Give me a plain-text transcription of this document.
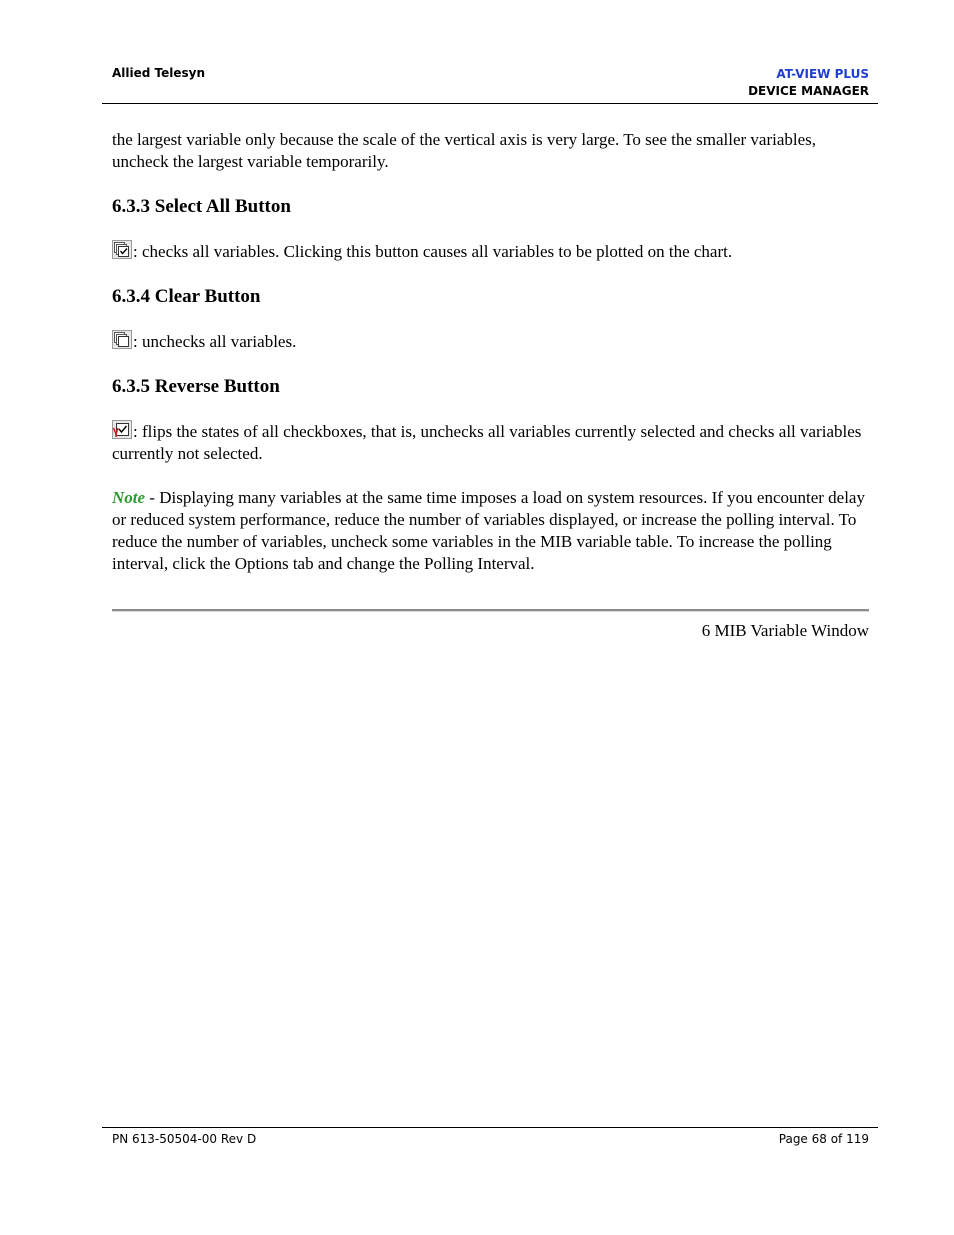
Allied Telesyn	AT-VIEW PLUS
DEVICE MANAGER

the largest variable only because the scale of the vertical axis is very large. To see the smaller variables, uncheck the largest variable temporarily.

6.3.3 Select All Button

: checks all variables. Clicking this button causes all variables to be plotted on the chart.

6.3.4 Clear Button

: unchecks all variables.

6.3.5 Reverse Button

: flips the states of all checkboxes, that is, unchecks all variables currently selected and checks all variables currently not selected.

Note - Displaying many variables at the same time imposes a load on system resources. If you encounter delay or reduced system performance, reduce the number of variables displayed, or increase the polling interval. To reduce the number of variables, uncheck some variables in the MIB variable table. To increase the polling interval, click the Options tab and change the Polling Interval.

6 MIB Variable Window
PN 613-50504-00 Rev D	Page 68 of 119
